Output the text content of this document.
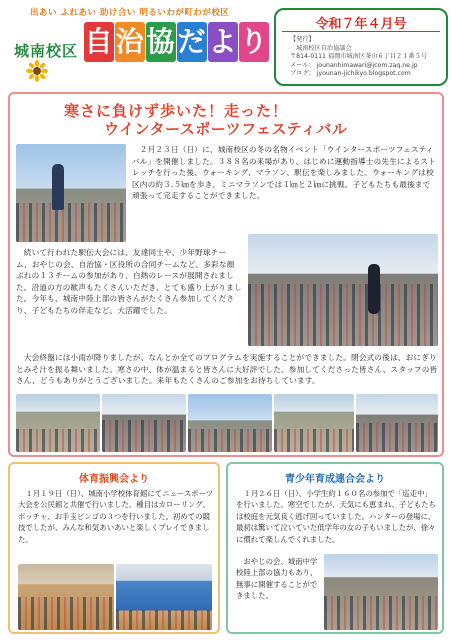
出あい ふれあい 助け合い 明るいわが町わが校区
城南校区 自治協だより
令和７年４月号
【発行】
城南校区自治協議会
〒814-0111 福岡市城南区茶山６丁目２１番５号
メール： jounanhimawari@jcom.zaq.ne.jp
ブログ： jyounan-jichikyo.blogspot.com
寒さに負けず歩いた！走った！
ウインタースポーツフェスティバル
　２月２３日（日）に、城南校区の冬の名物イベント「ウインタースポーツフェスティバル」を開催しました。３８８名の来場があり、はじめに運動指導士の先生によるストレッチを行った後、ウォーキング、マラソン、駅伝を楽しみました。ウォーキングは校区内の約３.５㎞を歩き、ミニマラソンでは１㎞と２㎞に挑戦。子どもたちも最後まで頑張って完走することができました。
　続いて行われた駅伝大会には、友達同士や、少年野球チーム、おやじの会、自治協・区役所の合同チームなど、多彩な顔ぶれの１３チームの参加があり、白熱のレースが展開されました。沿道の方の歓声もたくさんいただき、とても盛り上がりました。今年も、城南中陸上部の皆さんがたくさん参加してくださり、子どもたちの伴走など、大活躍でした。
　大会終盤には小雨が降りましたが、なんとか全てのプログラムを実施することができました。閉会式の後は、おにぎりとみそ汁を振る舞いました。寒さの中、体が温まると皆さんに大好評でした。参加してくださった皆さん、スタッフの皆さん、どうもありがとうございました。来年もたくさんのご参加をお待ちしています。
体育振興会より
　１月１９日（日）、城南小学校体育館にてニュースポーツ大会を公民館と共催で行いました。種目はカローリング、ボッチャ、お手玉ビンゴの３つを行いました。初めての競技でしたが、みんな和気あいあいと楽しくプレイできました。
青少年育成連合会より
　１月２６日（日）、小学生約１６０名の参加で「巡走中」を行いました。寒空でしたが、天気にも恵まれ、子どもたちは校庭を元気良く逃げ回っていました。ハンターの登場に、最初は驚いて泣いていた低学年の女の子もいましたが、徐々に慣れて楽しんでくれました。
　おやじの会、城南中学校陸上部の協力もあり、無事に開催することができました。
